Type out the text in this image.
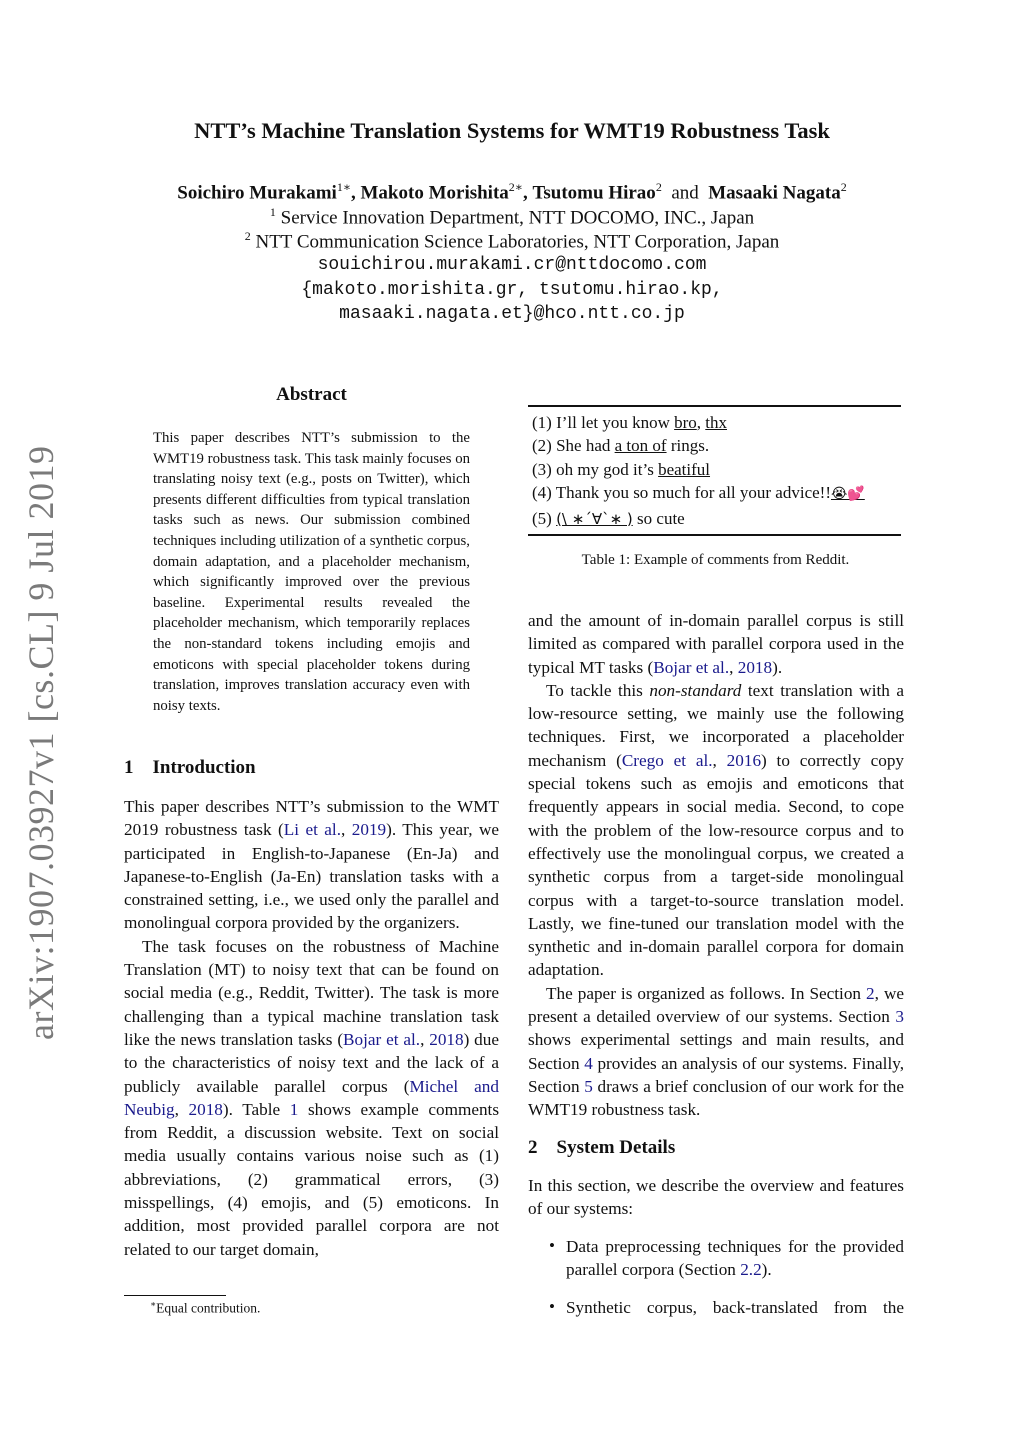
arXiv:1907.03927v1 [cs.CL] 9 Jul 2019
NTT’s Machine Translation Systems for WMT19 Robustness Task
Soichiro Murakami$^{1∗}$, Makoto Morishita$^{2∗}$, Tsutomu Hirao$^2$ and Masaaki Nagata$^2$
$^1$ Service Innovation Department, NTT DOCOMO, INC., Japan
$^2$ NTT Communication Science Laboratories, NTT Corporation, Japan
souichirou.murakami.cr@nttdocomo.com
{makoto.morishita.gr, tsutomu.hirao.kp,
masaaki.nagata.et}@hco.ntt.co.jp
Abstract
This paper describes NTT’s submission to the WMT19 robustness task. This task mainly focuses on translating noisy text (e.g., posts on Twitter), which presents different difficulties from typical translation tasks such as news. Our submission combined techniques including utilization of a synthetic corpus, domain adaptation, and a placeholder mechanism, which significantly improved over the previous baseline. Experimental results revealed the placeholder mechanism, which temporarily replaces the non-standard tokens including emojis and emoticons with special placeholder tokens during translation, improves translation accuracy even with noisy texts.
1 Introduction

This paper describes NTT’s submission to the WMT 2019 robustness task (Li et al., 2019). This year, we participated in English-to-Japanese (En-Ja) and Japanese-to-English (Ja-En) translation tasks with a constrained setting, i.e., we used only the parallel and monolingual corpora provided by the organizers.

The task focuses on the robustness of Machine Translation (MT) to noisy text that can be found on social media (e.g., Reddit, Twitter). The task is more challenging than a typical machine translation task like the news translation tasks (Bojar et al., 2018) due to the characteristics of noisy text and the lack of a publicly available parallel corpus (Michel and Neubig, 2018). Table 1 shows example comments from Reddit, a discussion website. Text on social media usually contains various noise such as (1) abbreviations, (2) grammatical errors, (3) misspellings, (4) emojis, and (5) emoticons. In addition, most provided parallel corpora are not related to our target domain,

∗Equal contribution.
(1) I’ll let you know bro, thx
(2) She had a ton of rings.
(3) oh my god it’s beatiful
(4) Thank you so much for all your advice!!😭💕
(5) (\ ∗´∀`∗ ) so cute
Table 1: Example of comments from Reddit.

and the amount of in-domain parallel corpus is still limited as compared with parallel corpora used in the typical MT tasks (Bojar et al., 2018).

To tackle this non-standard text translation with a low-resource setting, we mainly use the following techniques. First, we incorporated a placeholder mechanism (Crego et al., 2016) to correctly copy special tokens such as emojis and emoticons that frequently appears in social media. Second, to cope with the problem of the low-resource corpus and to effectively use the monolingual corpus, we created a synthetic corpus from a target-side monolingual corpus with a target-to-source translation model. Lastly, we fine-tuned our translation model with the synthetic and in-domain parallel corpora for domain adaptation.

The paper is organized as follows. In Section 2, we present a detailed overview of our systems. Section 3 shows experimental settings and main results, and Section 4 provides an analysis of our systems. Finally, Section 5 draws a brief conclusion of our work for the WMT19 robustness task.

2 System Details
In this section, we describe the overview and features of our systems:
• Data preprocessing techniques for the provided parallel corpora (Section 2.2).
• Synthetic corpus, back-translated from the
